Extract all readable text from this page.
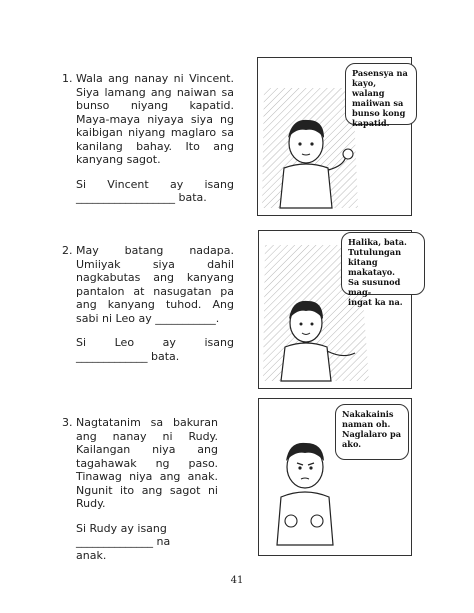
1. Wala ang nanay ni Vincent. Siya lamang ang naiwan sa bunso niyang kapatid. Maya-maya niyaya siya ng kaibigan niyang maglaro sa kanilang bahay. Ito ang kanyang sagot.
Si Vincent ay isang
__________________ bata.
Pasensya na
kayo, walang
maiiwan sa
bunso kong
kapatid.
2. May batang nadapa. Umiiyak siya dahil nagkabutas ang kanyang pantalon at nasugatan pa ang kanyang tuhod. Ang sabi ni Leo ay ___________.
Si	Leo	ay	isang
_____________ bata.
Halika, bata.
Tutulungan
kitang makatayo.
Sa susunod mag-
ingat ka na.
3. Nagtatanim sa bakuran ang nanay ni Rudy. Kailangan niya ang tagahawak ng paso. Tinawag niya ang anak. Ngunit ito ang sagot ni Rudy.
Si Rudy ay isang
______________ na
anak.
Nakakainis
naman oh.
Naglalaro pa
ako.
41
